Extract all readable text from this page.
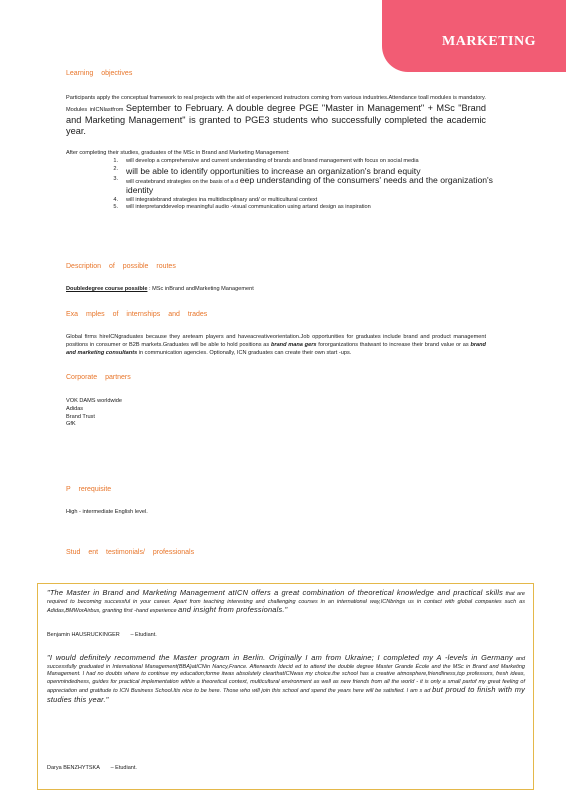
MARKETING
Learning objectives
Participants apply the conceptual framework to real projects with the aid of experienced instructors coming from various industries.Attendance toall modules is mandatory. Modules inICNlastfrom September to February. A double degree PGE "Master in Management" + MSc "Brand and Marketing Management" is granted to PGE3 students who successfully completed the academic year.
After completing their studies, graduates of the MSc in Brand and Marketing Management:
1.	will develop a comprehensive and current understanding of brands and brand management with focus on social media
2. will be able to identify opportunities to increase an organization's brand equity
3.	will createbrand strategies on the basis of a d eep understanding of the consumers' needs and the organization's identity
4.	will integratebrand strategies ina multidisciplinary and/ or multicultural context
5.	will interpretanddevelop meaningful audio -visual communication using artand design as inspiration
Description of possible routes
Doubledegree course possible : MSc inBrand andMarketing Management
Exa mples of internships and trades
Global firms hireICNgraduates because they areteam players and haveacreativeorientation.Job opportunities for graduates include brand and product management positions in consumer or B2B markets.Graduates will be able to hold positions as brand mana gers fororganizations thatwant to increase their brand value or as brand and marketing consultants in communication agencies. Optionally, ICN graduates can create their own start -ups.
Corporate partners
VOK DAMS worldwide
Adidas
Brand Trust
GfK
P rerequisite
High - intermediate English level.
Stud ent testimonials/ professionals
"The Master in Brand and Marketing Management atICN offers a great combination of theoretical knowledge and practical skills that are required to becoming successful in your career. Apart from teaching interesting and challenging courses in an international way,ICNbrings us in contact with global companies such as Adidas,BMWorAirbus, granting first -hand experience and insight from professionals."
Benjamin HAUSRUCKINGER – Etudiant.
"I would definitely recommend the Master program in Berlin. Originally I am from Ukraine; I completed my A -levels in Germany and successfully graduated in International Management(BBA)atICNin Nancy,France. Afterwards Idecid ed to attend the double degree Master Grande École and the MSc in Brand and Marketing Management. I had no doubts where to continue my education;forme itwas absolutely clearthatICNwas my choice.the school has a creative atmosphere,friendliness,top professors, fresh ideas, openmindedness, guides for practical implementation within a theoretical context, multicultural environment as well as new friends from all the world - it is only a small partof my great feeling of appreciation and gratitude to ICN Business School.Itis nice to be here. Those who will join this school and spend the years here will be satisfied. I am s ad but proud to finish with my studies this year."
Darya BENZHYTSKA – Etudiant.
